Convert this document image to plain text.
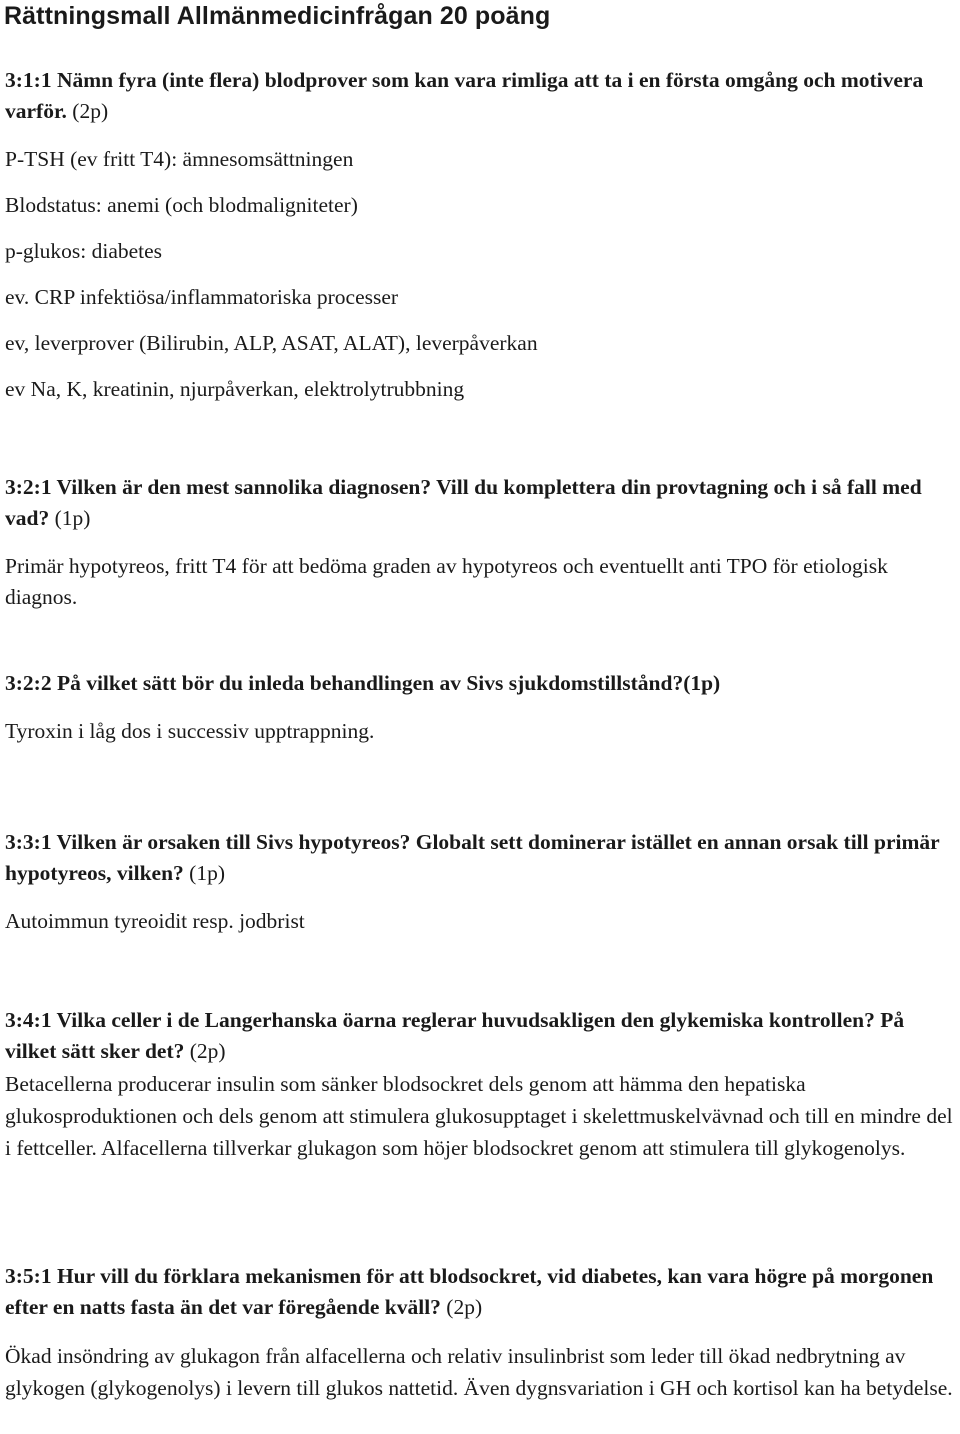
Rättningsmall Allmänmedicinfrågan 20 poäng
3:1:1 Nämn fyra (inte flera) blodprover som kan vara rimliga att ta i en första omgång och motivera varför. (2p)
P-TSH (ev fritt T4): ämnesomsättningen
Blodstatus: anemi (och blodmaligniteter)
p-glukos: diabetes
ev. CRP infektiösa/inflammatoriska processer
ev, leverprover (Bilirubin, ALP, ASAT, ALAT), leverpåverkan
ev Na, K, kreatinin, njurpåverkan, elektrolytrubbning
3:2:1 Vilken är den mest sannolika diagnosen? Vill du komplettera din provtagning och i så fall med vad? (1p)
Primär hypotyreos, fritt T4 för att bedöma graden av hypotyreos och eventuellt anti TPO för etiologisk diagnos.
3:2:2 På vilket sätt bör du inleda behandlingen av Sivs sjukdomstillstånd?(1p)
Tyroxin i låg dos i successiv upptrappning.
3:3:1 Vilken är orsaken till Sivs hypotyreos? Globalt sett dominerar istället en annan orsak till primär hypotyreos, vilken? (1p)
Autoimmun tyreoidit resp. jodbrist
3:4:1 Vilka celler i de Langerhanska öarna reglerar huvudsakligen den glykemiska kontrollen? På vilket sätt sker det? (2p)
Betacellerna producerar insulin som sänker blodsockret dels genom att hämma den hepatiska glukosproduktionen och dels genom att stimulera glukosupptaget i skelettmuskelvävnad och till en mindre del i fettceller. Alfacellerna tillverkar glukagon som höjer blodsockret genom att stimulera till glykogenolys.
3:5:1 Hur vill du förklara mekanismen för att blodsockret, vid diabetes, kan vara högre på morgonen efter en natts fasta än det var föregående kväll? (2p)
Ökad insöndring av glukagon från alfacellerna och relativ insulinbrist som leder till ökad nedbrytning av glykogen (glykogenolys) i levern till glukos nattetid. Även dygnsvariation i GH och kortisol kan ha betydelse.
